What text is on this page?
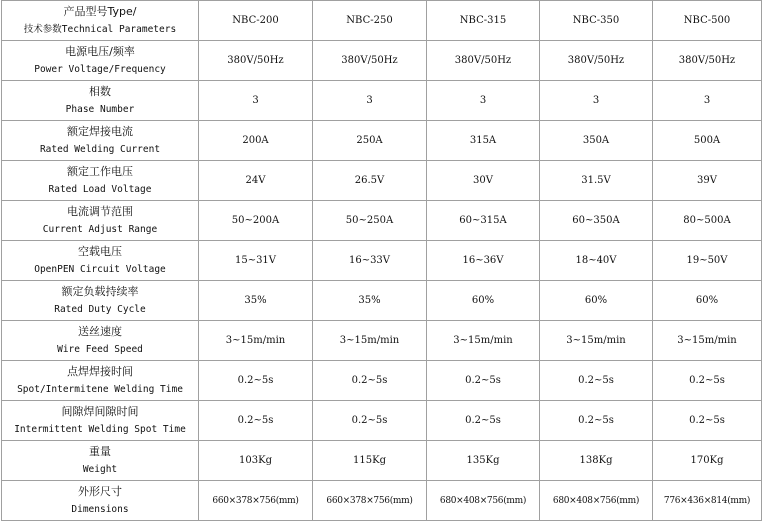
产品型号Type/
技术参数Technical Parameters	NBC-200	NBC-250	NBC-315	NBC-350	NBC-500

电源电压/频率
Power Voltage/Frequency	380V/50Hz	380V/50Hz	380V/50Hz	380V/50Hz	380V/50Hz

相数
Phase Number	3	3	3	3	3

额定焊接电流
Rated Welding Current	200A	250A	315A	350A	500A

额定工作电压
Rated Load Voltage	24V	26.5V	30V	31.5V	39V

电流调节范围
Current Adjust Range	50~200A	50~250A	60~315A	60~350A	80~500A

空载电压
OpenPEN Circuit Voltage	15~31V	16~33V	16~36V	18~40V	19~50V

额定负载持续率
Rated Duty Cycle	35%	35%	60%	60%	60%

送丝速度
Wire Feed Speed	3~15m/min	3~15m/min	3~15m/min	3~15m/min	3~15m/min

点焊焊接时间
Spot/Intermitene Welding Time	0.2~5s	0.2~5s	0.2~5s	0.2~5s	0.2~5s

间隙焊间隙时间
Intermittent Welding Spot Time	0.2~5s	0.2~5s	0.2~5s	0.2~5s	0.2~5s

重量
Weight	103Kg	115Kg	135Kg	138Kg	170Kg

外形尺寸
Dimensions	660×378×756(mm)	660×378×756(mm)	680×408×756(mm)	680×408×756(mm)	776×436×814(mm)
